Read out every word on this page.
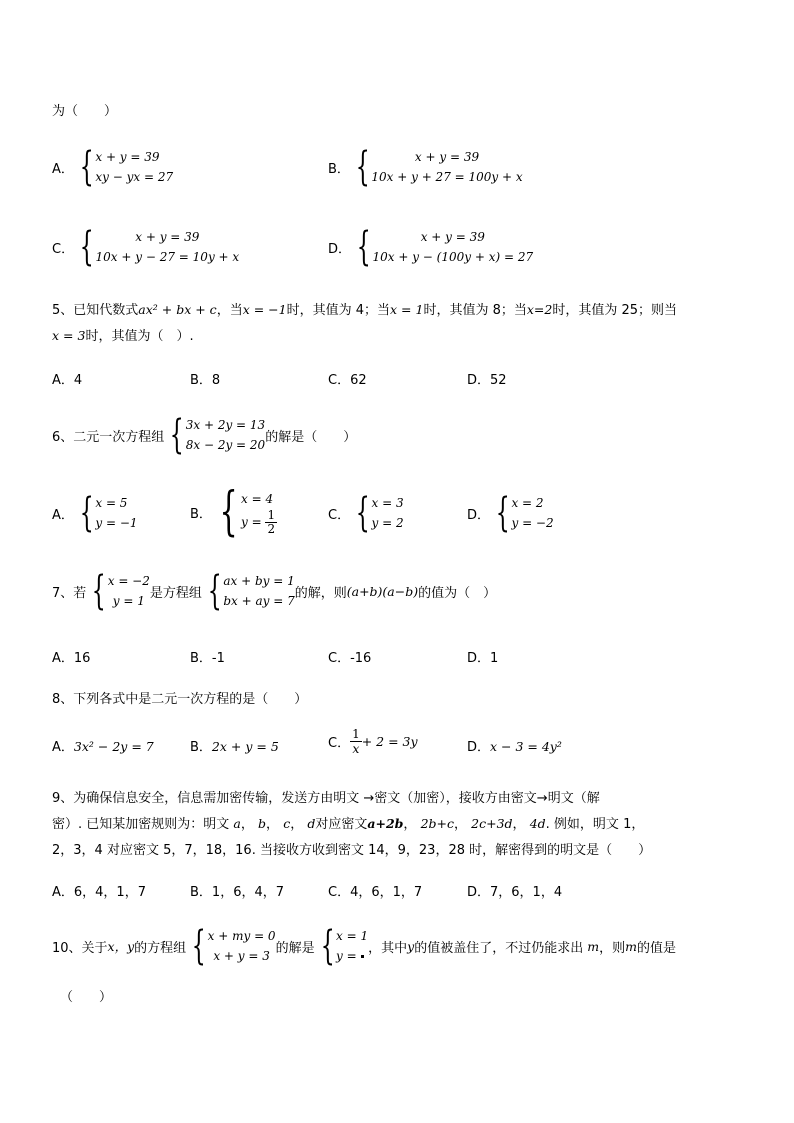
为（　　）
A． { x + y = 39
xy − yx = 27
B． {	x + y = 39
10x + y + 27 = 100y + x
C． {	x + y = 39
10x + y − 27 = 10y + x
D． {	x + y = 39
10x + y − (100y + x) = 27
5、已知代数式ax² + bx + c，当x = −1时，其值为 4；当x = 1时，其值为 8；当x=2时，其值为 25；则当
x = 3时，其值为（　）.
A．4	B．8	C．62	D．52
6、二元一次方程组 { 3x + 2y = 13
8x − 2y = 20
的解是（　　）
A． { x = 5
y = −1
B． { x = 4
$y = \frac{1}{2}$	C． { x = 3
y = 2
D． { x = 2
y = −2
7、若 { x = −2
y = 1
是方程组 { ax + by = 1
bx + ay = 7
的解，则 (a+b)(a−b) 的值为（　）
A．16	B．-1	C．-16	D．1
8、下列各式中是二元一次方程的是（　　）
A．3x² − 2y = 7	B．2x + y = 5	C． $\frac{1}{x} + 2 = 3y$	D．x − 3 = 4y²
9、为确保信息安全，信息需加密传输，发送方由明文 →密文（加密），接收方由密文→明文（解
密）. 已知某加密规则为：明文 a， b， c， d对应密文a+2b， 2b+c， 2c+3d， 4d. 例如，明文 1，
2，3，4 对应密文 5，7，18，16. 当接收方收到密文 14，9，23，28 时，解密得到的明文是（　　）
A．6，4，1，7	B．1，6，4，7	C．4，6，1，7	D．7，6，1，4
10、关于 x，y 的方程组 { x + my = 0
x + y = 3
的解是 { x = 1
y =
，其中 y 的值被盖住了，不过仍能求出 m ，则 m 的值是
（　　）
